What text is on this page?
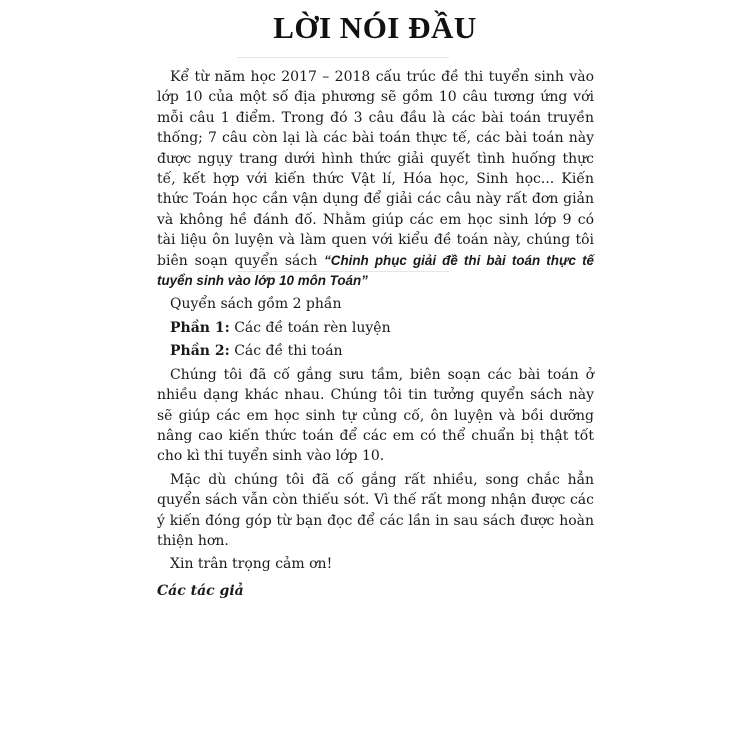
LỜI NÓI ĐẦU

Kể từ năm học 2017 – 2018 cấu trúc đề thi tuyển sinh vào lớp 10 của một số địa phương sẽ gồm 10 câu tương ứng với mỗi câu 1 điểm. Trong đó 3 câu đầu là các bài toán truyền thống; 7 câu còn lại là các bài toán thực tế, các bài toán này được ngụy trang dưới hình thức giải quyết tình huống thực tế, kết hợp với kiến thức Vật lí, Hóa học, Sinh học... Kiến thức Toán học cần vận dụng để giải các câu này rất đơn giản và không hề đánh đố. Nhằm giúp các em học sinh lớp 9 có tài liệu ôn luyện và làm quen với kiểu đề toán này, chúng tôi biên soạn quyển sách “Chinh phục giải đề thi bài toán thực tế tuyển sinh vào lớp 10 môn Toán”

Quyển sách gồm 2 phần

Phần 1: Các đề toán rèn luyện

Phần 2: Các đề thi toán

Chúng tôi đã cố gắng sưu tầm, biên soạn các bài toán ở nhiều dạng khác nhau. Chúng tôi tin tưởng quyển sách này sẽ giúp các em học sinh tự củng cố, ôn luyện và bồi dưỡng nâng cao kiến thức toán để các em có thể chuẩn bị thật tốt cho kì thi tuyển sinh vào lớp 10.

Mặc dù chúng tôi đã cố gắng rất nhiều, song chắc hẳn quyển sách vẫn còn thiếu sót. Vì thế rất mong nhận được các ý kiến đóng góp từ bạn đọc để các lần in sau sách được hoàn thiện hơn.

Xin trân trọng cảm ơn!

Các tác giả
